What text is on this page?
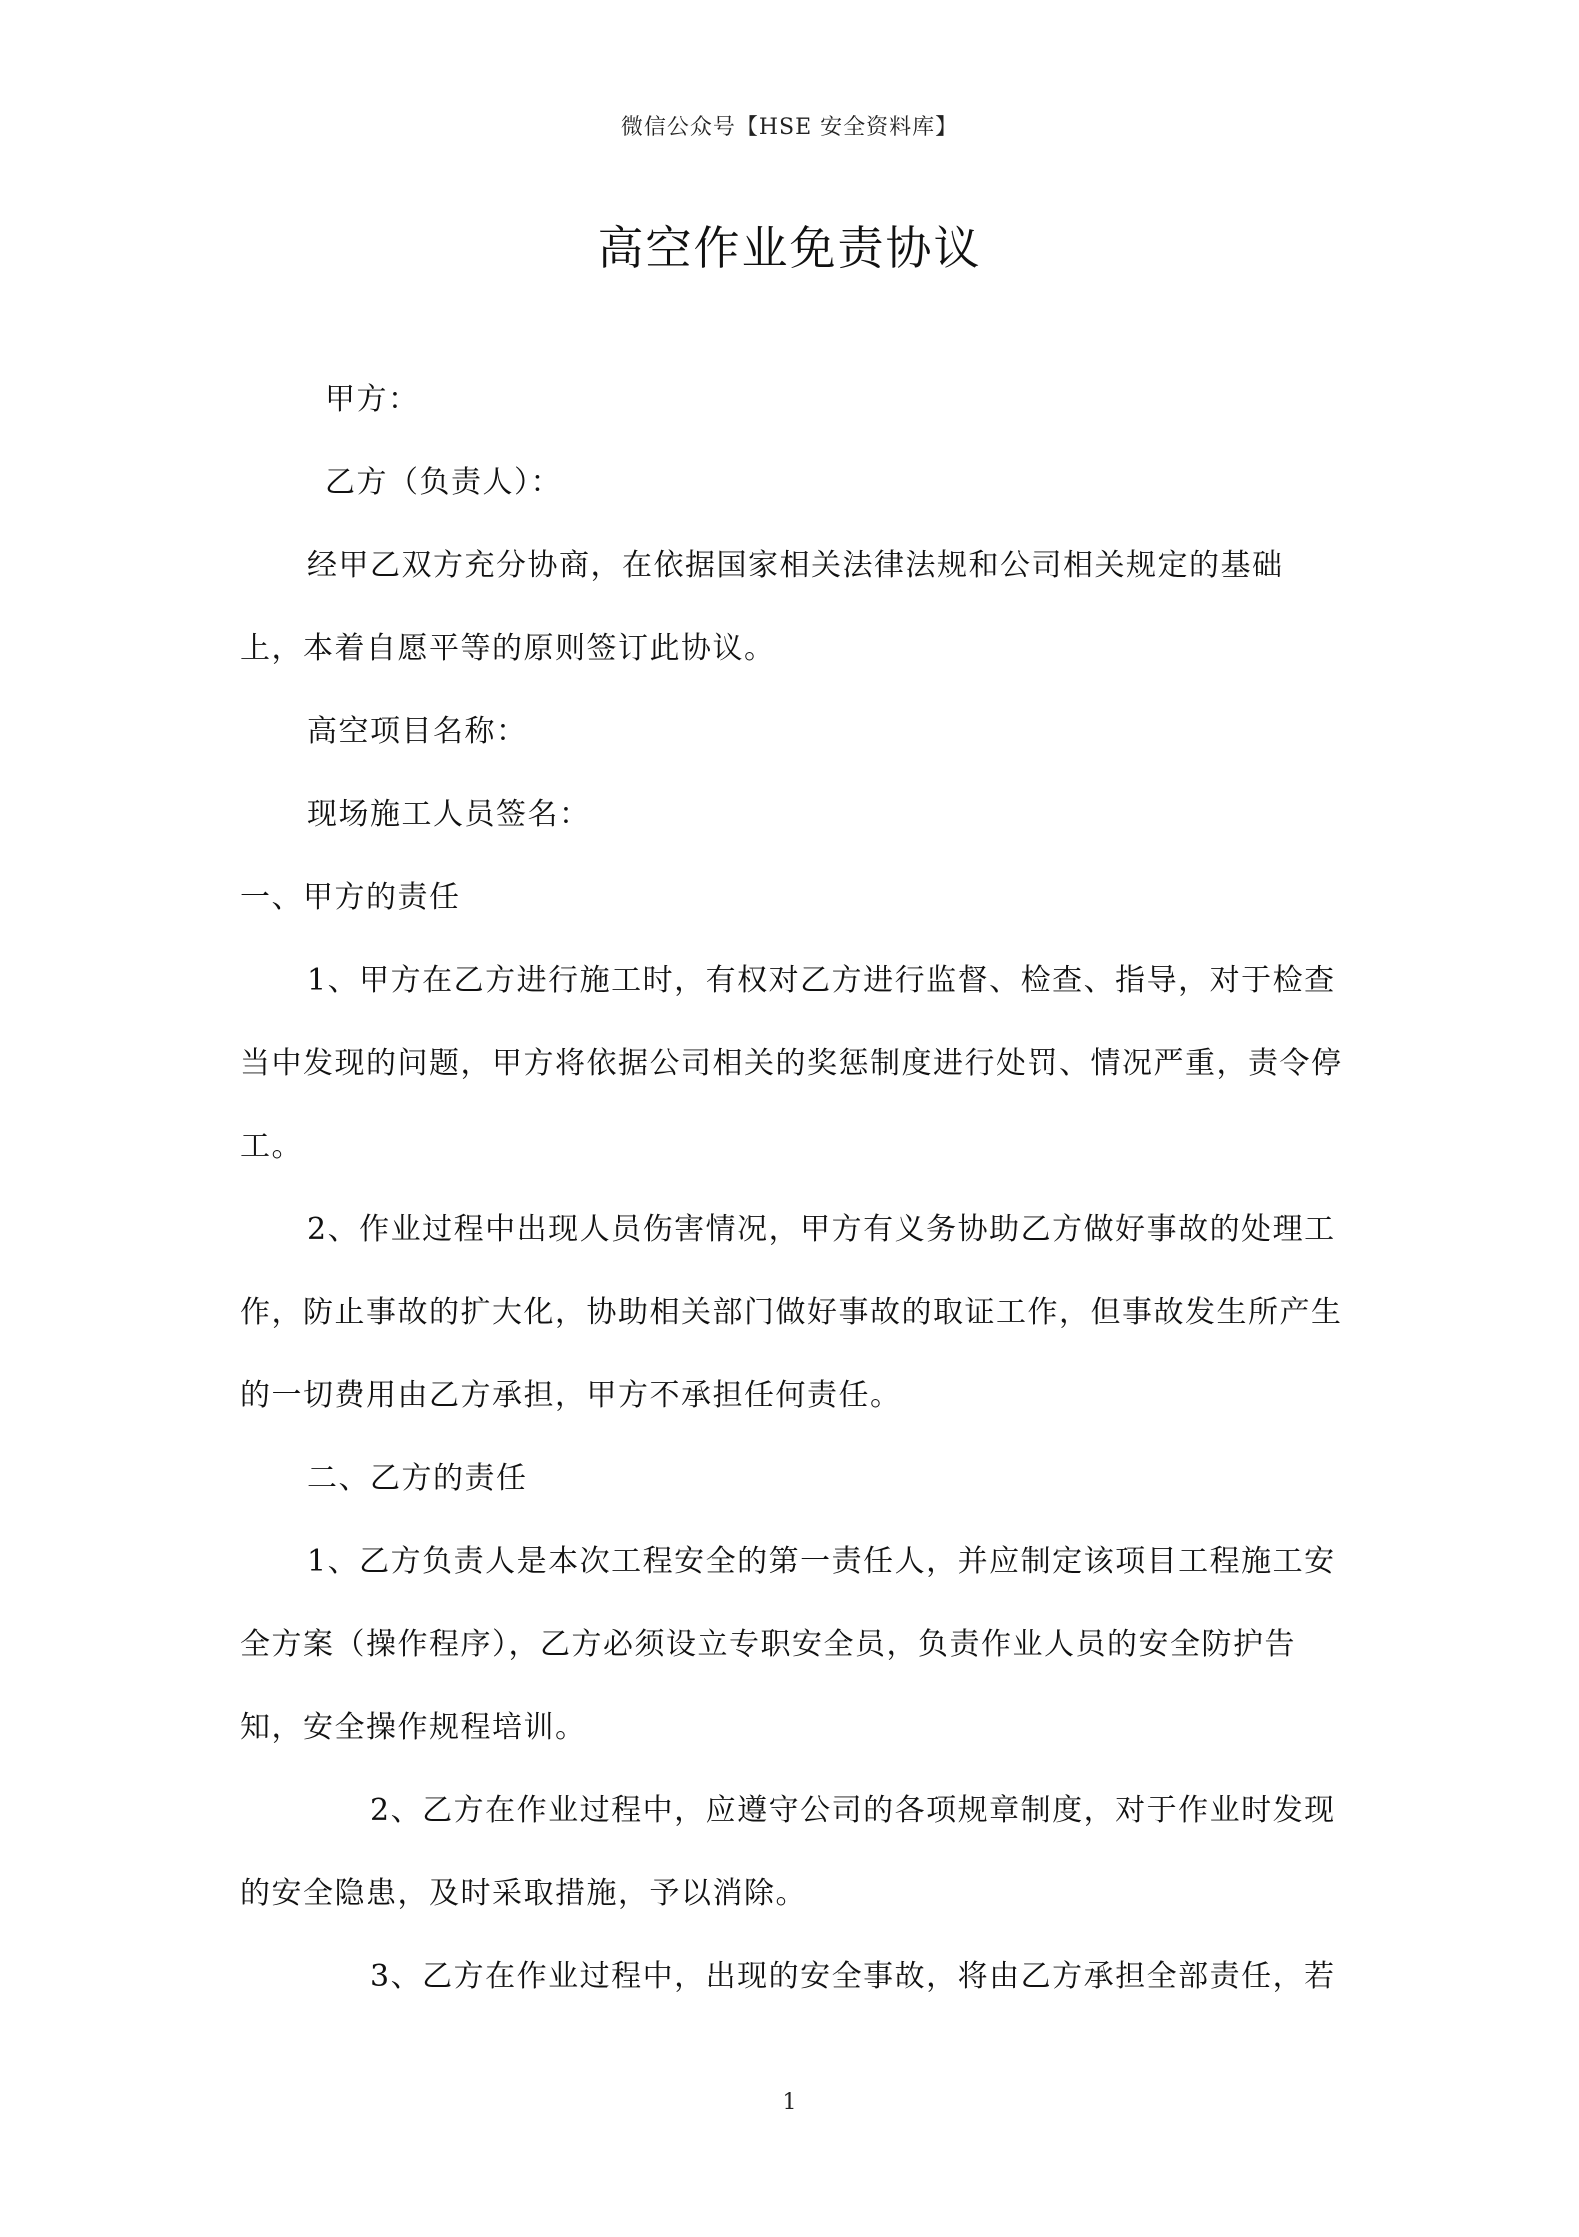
微信公众号【HSE 安全资料库】
高空作业免责协议

甲方：

乙方（负责人）：

经甲乙双方充分协商，在依据国家相关法律法规和公司相关规定的基础上，本着自愿平等的原则签订此协议。

高空项目名称：

现场施工人员签名：

一、甲方的责任

1、甲方在乙方进行施工时，有权对乙方进行监督、检查、指导，对于检查当中发现的问题，甲方将依据公司相关的奖惩制度进行处罚、情况严重，责令停工。

2、作业过程中出现人员伤害情况，甲方有义务协助乙方做好事故的处理工作，防止事故的扩大化，协助相关部门做好事故的取证工作，但事故发生所产生的一切费用由乙方承担，甲方不承担任何责任。

二、乙方的责任

1、乙方负责人是本次工程安全的第一责任人，并应制定该项目工程施工安全方案（操作程序），乙方必须设立专职安全员，负责作业人员的安全防护告知，安全操作规程培训。

2、乙方在作业过程中，应遵守公司的各项规章制度，对于作业时发现的安全隐患，及时采取措施，予以消除。

3、乙方在作业过程中，出现的安全事故，将由乙方承担全部责任，若

1
